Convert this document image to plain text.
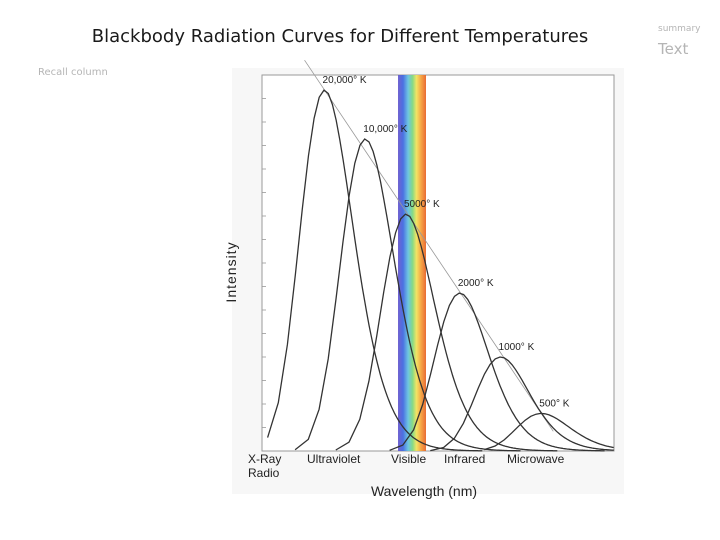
Blackbody Radiation Curves for Different Temperatures	summary
Text
Recall column
20,000° K
10,000° K
5000° K
2000° K
1000° K
500° K
Intensity
Wavelength (nm)
X-Ray
Radio
Ultraviolet	Visible Infrared Microwave
